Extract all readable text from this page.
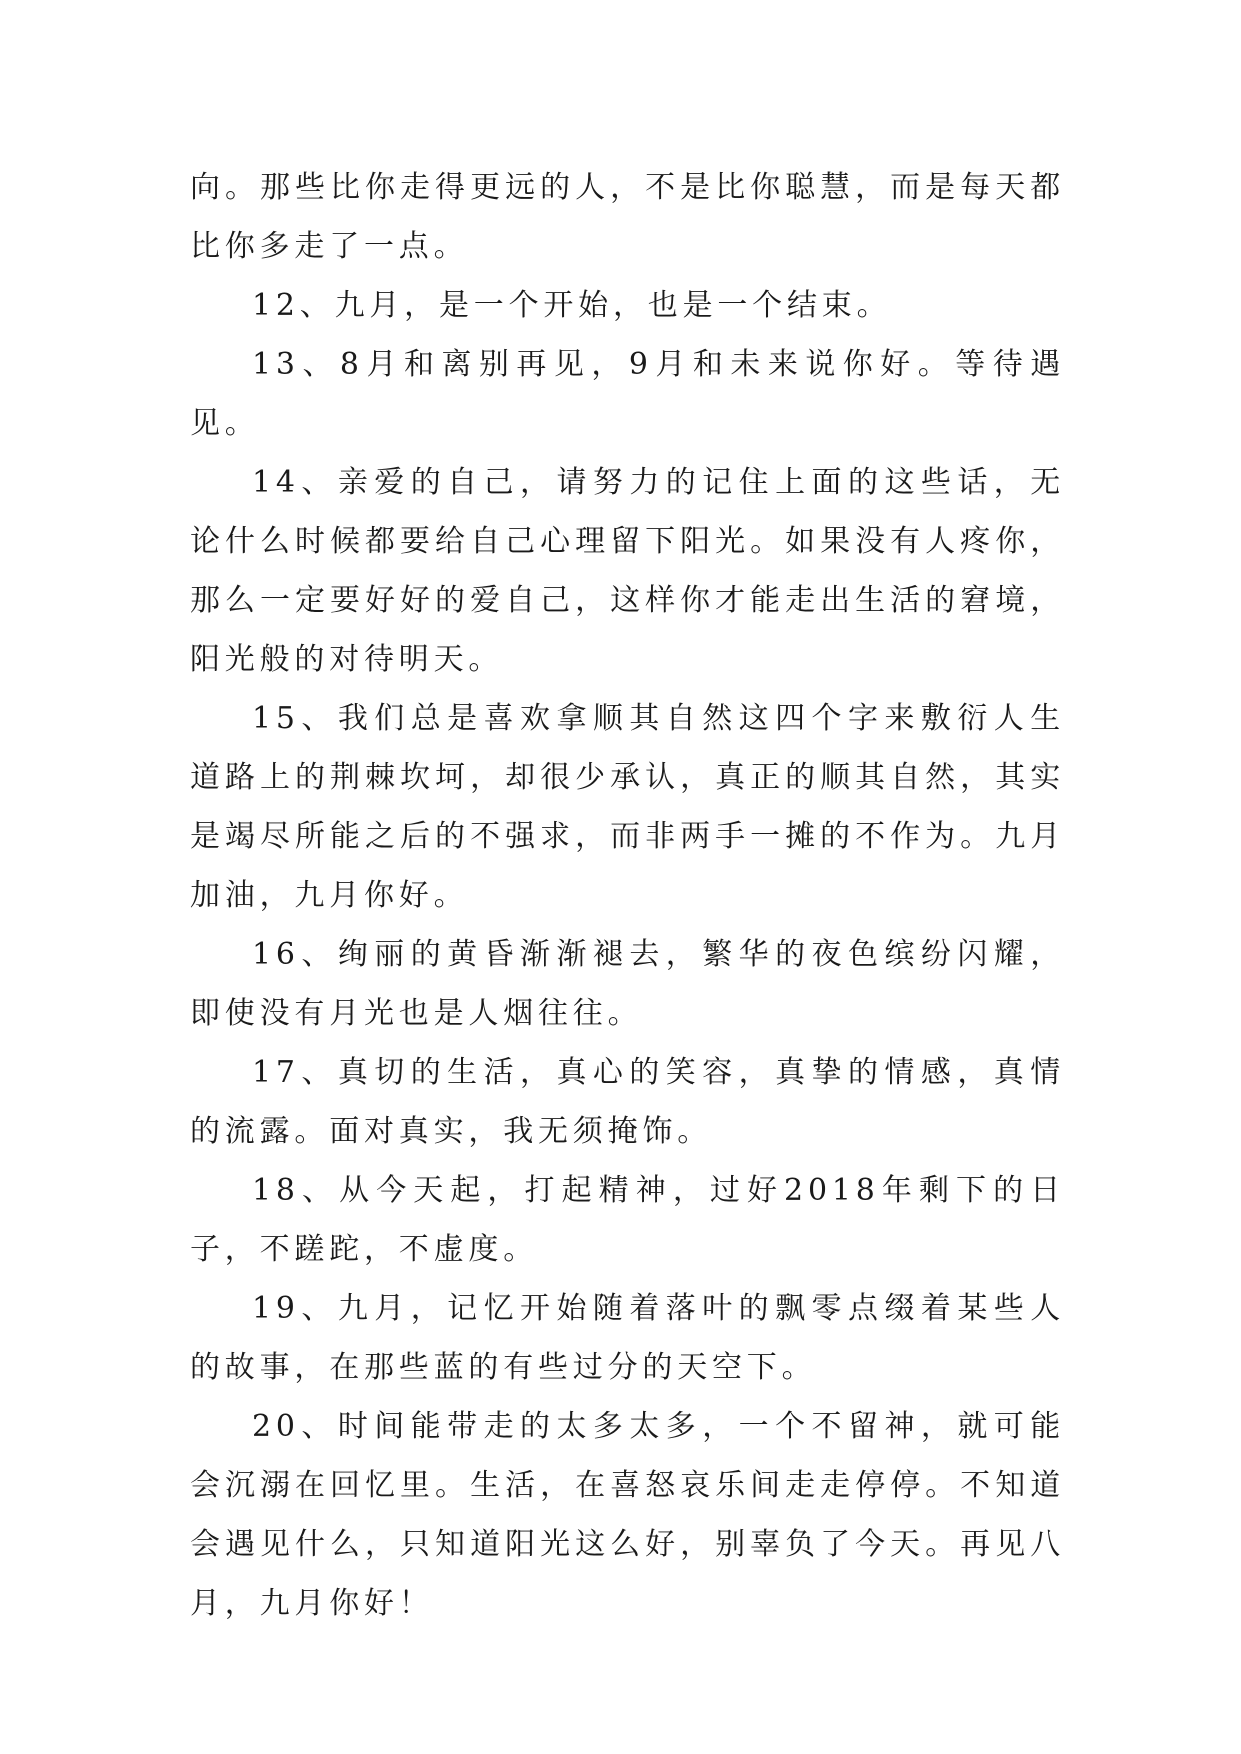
向。那些比你走得更远的人，不是比你聪慧，而是每天都比你多走了一点。

12、九月，是一个开始，也是一个结束。

13、8月和离别再见，9月和未来说你好。等待遇见。

14、亲爱的自己，请努力的记住上面的这些话，无论什么时候都要给自己心理留下阳光。如果没有人疼你，那么一定要好好的爱自己，这样你才能走出生活的窘境，阳光般的对待明天。

15、我们总是喜欢拿顺其自然这四个字来敷衍人生道路上的荆棘坎坷，却很少承认，真正的顺其自然，其实是竭尽所能之后的不强求，而非两手一摊的不作为。九月加油，九月你好。

16、绚丽的黄昏渐渐褪去，繁华的夜色缤纷闪耀，即使没有月光也是人烟往往。

17、真切的生活，真心的笑容，真挚的情感，真情的流露。面对真实，我无须掩饰。

18、从今天起，打起精神，过好2018年剩下的日子，不蹉跎，不虚度。

19、九月，记忆开始随着落叶的飘零点缀着某些人的故事，在那些蓝的有些过分的天空下。

20、时间能带走的太多太多，一个不留神，就可能会沉溺在回忆里。生活，在喜怒哀乐间走走停停。不知道会遇见什么，只知道阳光这么好，别辜负了今天。再见八月，九月你好！
